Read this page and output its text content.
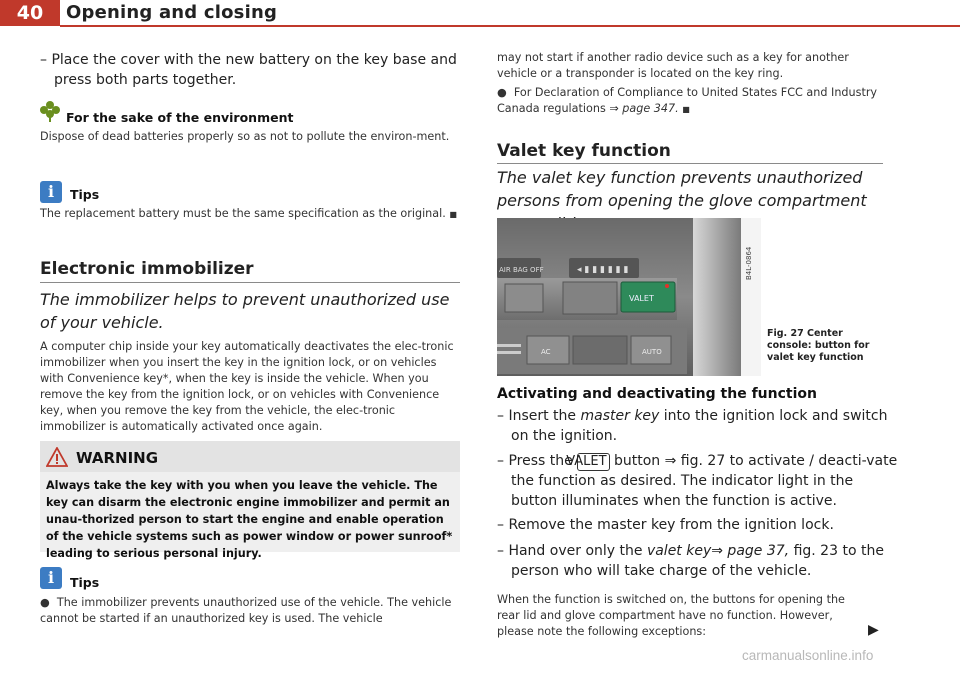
40	Opening and closing
– Place the cover with the new battery on the key base and press both parts together.
For the sake of the environment
Dispose of dead batteries properly so as not to pollute the environ-ment.
i	Tips
The replacement battery must be the same specification as the original. ■
Electronic immobilizer
The immobilizer helps to prevent unauthorized use of your vehicle.
A computer chip inside your key automatically deactivates the elec-tronic immobilizer when you insert the key in the ignition lock, or on vehicles with Convenience key*, when the key is inside the vehicle. When you remove the key from the ignition lock, or on vehicles with Convenience key, when you remove the key from the vehicle, the elec-tronic immobilizer is automatically activated once again.
WARNING
Always take the key with you when you leave the vehicle. The key can disarm the electronic engine immobilizer and permit an unau-thorized person to start the engine and enable operation of the vehicle systems such as power window or power sunroof* leading to serious personal injury.
i	Tips
●  The immobilizer prevents unauthorized use of the vehicle. The vehicle cannot be started if an unauthorized key is used. The vehicle
may not start if another radio device such as a key for another vehicle or a transponder is located on the key ring.
●  For Declaration of Compliance to United States FCC and Industry Canada regulations ⇒ page 347. ■
Valet key function
The valet key function prevents unauthorized persons from opening the glove compartment
B4L-0864
AIR BAG OFF	◂ ▮ ▮ ▮ ▮ ▮ ▮
VALET
AC	AUTO
Fig. 27 Center console: button for valet key function
Activating and deactivating the function
– Insert the master key into the ignition lock and switch on the ignition.
– Press the VALET button ⇒ fig. 27 to activate / deacti-vate the function as desired. The indicator light in the button illuminates when the function is active.
– Remove the master key from the ignition lock.
– Hand over only the valet key⇒ page 37, fig. 23 to the person who will take charge of the vehicle.
When the function is switched on, the buttons for opening the rear lid and glove compartment have no function. However, please note the following exceptions:	▶
carmanualsonline.info
